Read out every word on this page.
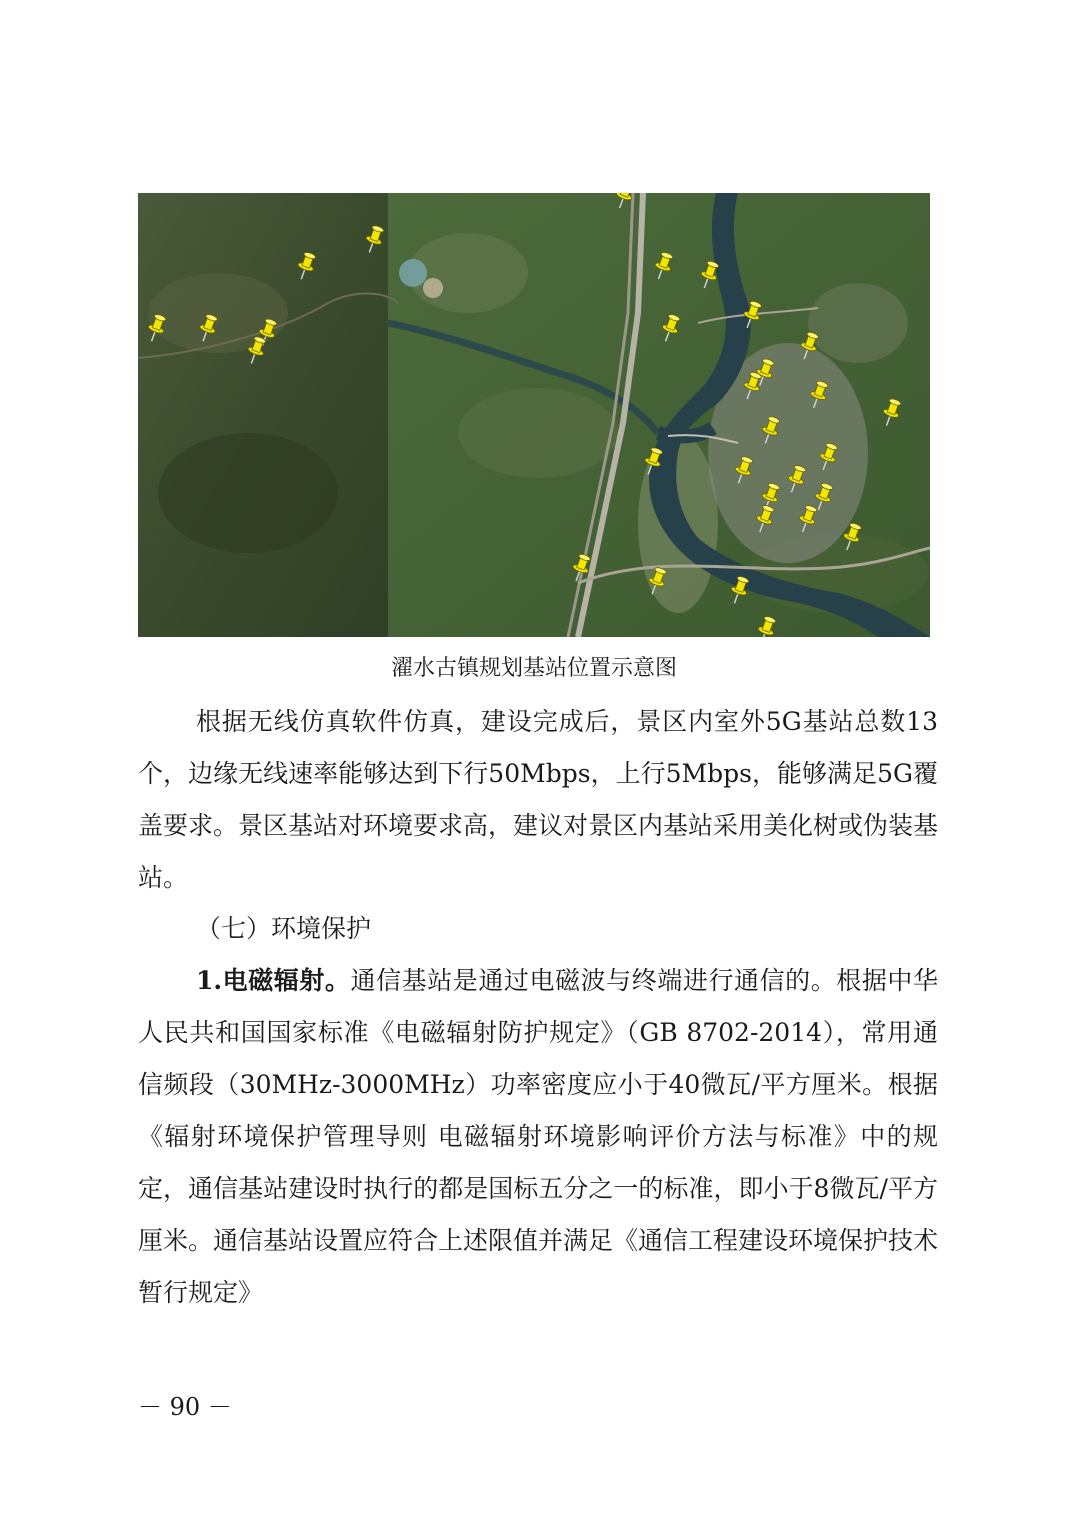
濯水古镇规划基站位置示意图

根据无线仿真软件仿真，建设完成后，景区内室外5G基站总数13个，边缘无线速率能够达到下行50Mbps，上行5Mbps，能够满足5G覆盖要求。景区基站对环境要求高，建议对景区内基站采用美化树或伪装基站。

（七）环境保护

1.电磁辐射。通信基站是通过电磁波与终端进行通信的。根据中华人民共和国国家标准《电磁辐射防护规定》（GB 8702-2014），常用通信频段（30MHz-3000MHz）功率密度应小于40微瓦/平方厘米。根据《辐射环境保护管理导则 电磁辐射环境影响评价方法与标准》中的规定，通信基站建设时执行的都是国标五分之一的标准，即小于8微瓦/平方厘米。通信基站设置应符合上述限值并满足《通信工程建设环境保护技术暂行规定》

－ 90 －
